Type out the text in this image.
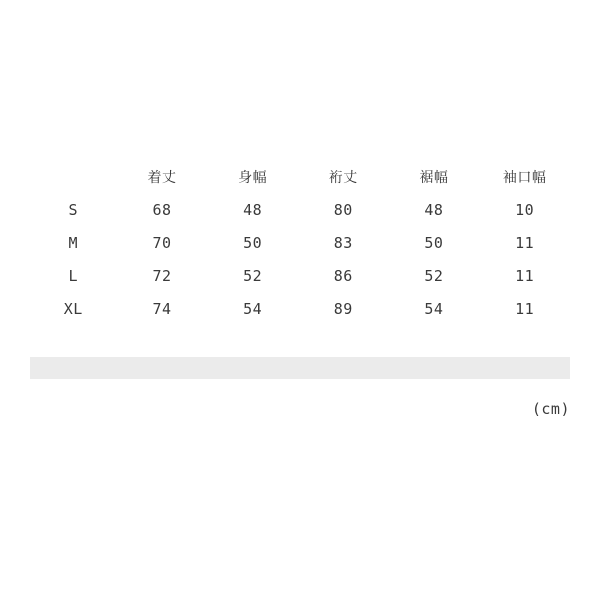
	着丈	身幅	裄丈	裾幅	袖口幅
S	68	48	80	48	10
M	70	50	83	50	11
L	72	52	86	52	11
XL	74	54	89	54	11
(cm)
